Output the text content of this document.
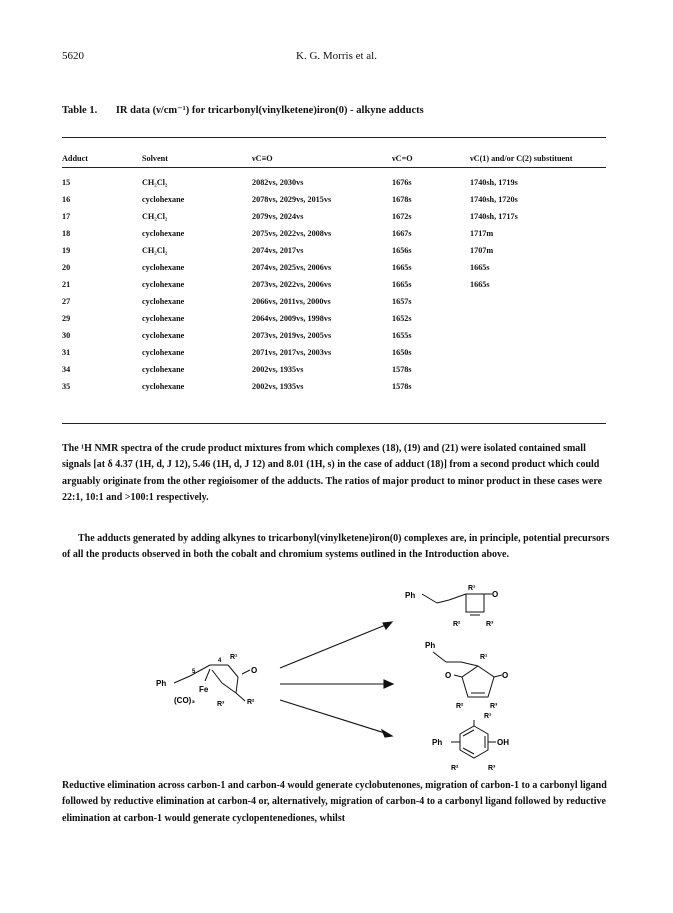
5620	K. G. Morris et al.
Table 1. IR data (ν/cm⁻¹) for tricarbonyl(vinylketene)iron(0) - alkyne adducts
Adduct	Solvent	νC≡O	νC=O	νC(1) and/or C(2) substituent
15	CH₂Cl₂	2082vs, 2030vs	1676s	1740sh, 1719s
16	cyclohexane	2078vs, 2029vs, 2015vs	1678s	1740sh, 1720s
17	CH₂Cl₂	2079vs, 2024vs	1672s	1740sh, 1717s
18	cyclohexane	2075vs, 2022vs, 2008vs	1667s	1717m
19	CH₂Cl₂	2074vs, 2017vs	1656s	1707m
20	cyclohexane	2074vs, 2025vs, 2006vs	1665s	1665s
21	cyclohexane	2073vs, 2022vs, 2006vs	1665s	1665s
27	cyclohexane	2066vs, 2011vs, 2000vs	1657s	
29	cyclohexane	2064vs, 2009vs, 1998vs	1652s	
30	cyclohexane	2073vs, 2019vs, 2005vs	1655s	
31	cyclohexane	2071vs, 2017vs, 2003vs	1650s	
34	cyclohexane	2002vs, 1935vs	1578s	
35	cyclohexane	2002vs, 1935vs	1578s	
The ¹H NMR spectra of the crude product mixtures from which complexes (18), (19) and (21) were isolated contained small signals [at δ 4.37 (1H, d, J 12), 5.46 (1H, d, J 12) and 8.01 (1H, s) in the case of adduct (18)] from a second product which could arguably originate from the other regioisomer of the adducts. The ratios of major product to minor product in these cases were 22:1, 10:1 and >100:1 respectively.
The adducts generated by adding alkynes to tricarbonyl(vinylketene)iron(0) complexes are, in principle, potential precursors of all the products observed in both the cobalt and chromium systems outlined in the Introduction above.
Ph
5
4 R¹
O
Fe
(CO)₃	R²
R³
Ph
R¹
O
R²	R³
Ph
R¹
O	O
R²	R³
R¹
Ph	OH
R²	R³
Reductive elimination across carbon-1 and carbon-4 would generate cyclobutenones, migration of carbon-1 to a carbonyl ligand followed by reductive elimination at carbon-4 or, alternatively, migration of carbon-4 to a carbonyl ligand followed by reductive elimination at carbon-1 would generate cyclopentenediones, whilst
